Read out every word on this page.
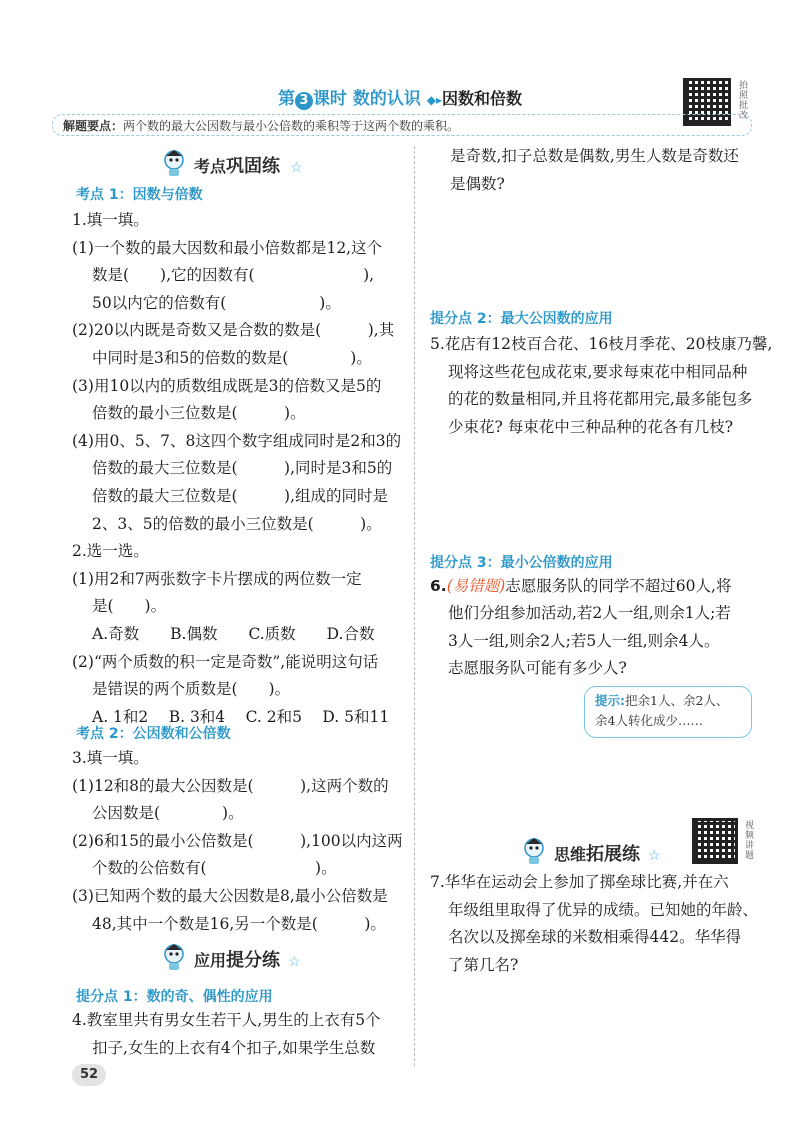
第 3 课时 数的认识 ◆▸因数和倍数	拍照批改
解题要点：两个数的最大公因数与最小公倍数的乘积等于这两个数的乘积。
考点巩固练 ☆
考点 1：因数与倍数
1.填一填。
(1)一个数的最大因数和最小倍数都是12,这个
数是(　　),它的因数有(　　　　　　　),
50以内它的倍数有(　　　　　　)。
(2)20以内既是奇数又是合数的数是(　　　),其
中同时是3和5的倍数的数是(　　　　)。
(3)用10以内的质数组成既是3的倍数又是5的
倍数的最小三位数是(　　　)。
(4)用0、5、7、8这四个数字组成同时是2和3的
倍数的最大三位数是(　　　),同时是3和5的
倍数的最大三位数是(　　　),组成的同时是
2、3、5的倍数的最小三位数是(　　　)。
2.选一选。
(1)用2和7两张数字卡片摆成的两位数一定
是(　　)。
A.奇数　　B.偶数　　C.质数　　D.合数
(2)“两个质数的积一定是奇数”,能说明这句话
是错误的两个质数是(　　)。
A. 1和2　 B. 3和4　 C. 2和5　 D. 5和11
考点 2：公因数和公倍数
3.填一填。
(1)12和8的最大公因数是(　　　),这两个数的
公因数是(　　　　)。
(2)6和15的最小公倍数是(　　　),100以内这两
个数的公倍数有(　　　　　　　)。
(3)已知两个数的最大公因数是8,最小公倍数是
48,其中一个数是16,另一个数是(　　　)。
应用提分练 ☆
提分点 1：数的奇、偶性的应用
4.教室里共有男女生若干人,男生的上衣有5个
扣子,女生的上衣有4个扣子,如果学生总数
是奇数,扣子总数是偶数,男生人数是奇数还
是偶数?
提分点 2：最大公因数的应用
5.花店有12枝百合花、16枝月季花、20枝康乃馨,
现将这些花包成花束,要求每束花中相同品种
的花的数量相同,并且将花都用完,最多能包多
少束花? 每束花中三种品种的花各有几枝?
提分点 3：最小公倍数的应用
6.(易错题)志愿服务队的同学不超过60人,将
他们分组参加活动,若2人一组,则余1人;若
3人一组,则余2人;若5人一组,则余4人。
志愿服务队可能有多少人?
提示:把余1人、余2人、
余4人转化成少……
视频讲题
思维拓展练 ☆
7.华华在运动会上参加了掷垒球比赛,并在六
年级组里取得了优异的成绩。已知她的年龄、
名次以及掷垒球的米数相乘得442。华华得
了第几名?
52
